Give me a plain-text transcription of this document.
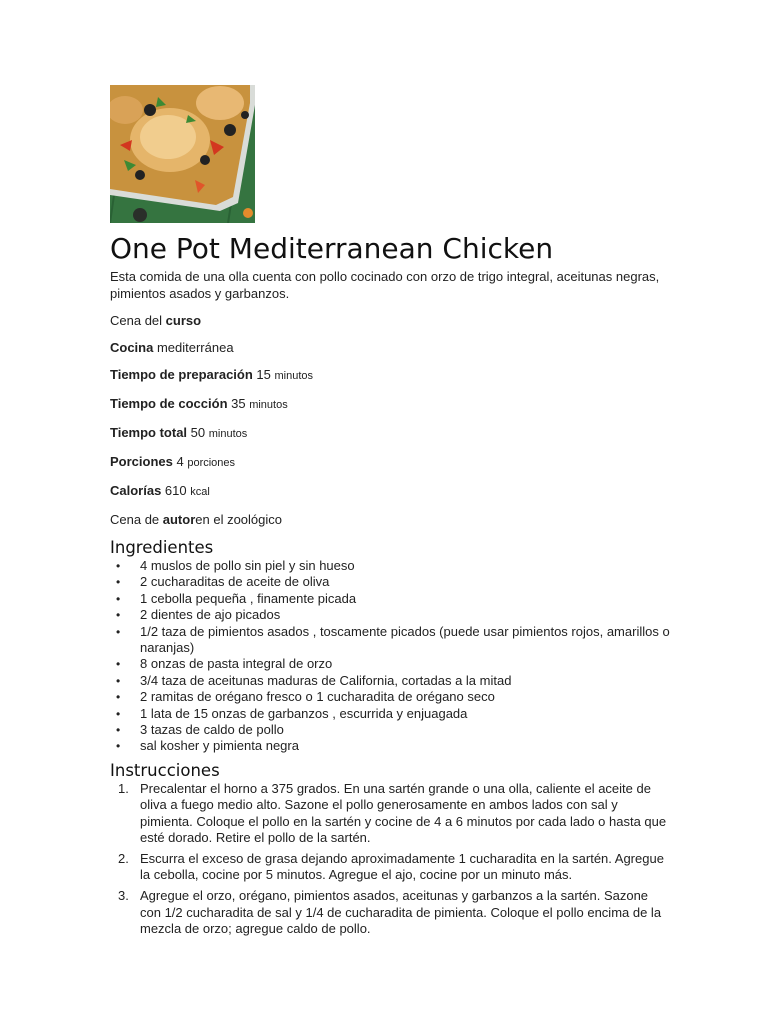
One Pot Mediterranean Chicken

Esta comida de una olla cuenta con pollo cocinado con orzo de trigo integral, aceitunas negras, pimientos asados y garbanzos.

Cena del curso

Cocina mediterránea

Tiempo de preparación 15 minutos

Tiempo de cocción 35 minutos

Tiempo total 50 minutos

Porciones 4 porciones

Calorías 610 kcal

Cena de autoren el zoológico

Ingredientes
• 4 muslos de pollo sin piel y sin hueso
• 2 cucharaditas de aceite de oliva
• 1 cebolla pequeña , finamente picada
• 2 dientes de ajo picados
• 1/2 taza de pimientos asados , toscamente picados (puede usar pimientos rojos, amarillos o naranjas)
• 8 onzas de pasta integral de orzo
• 3/4 taza de aceitunas maduras de California, cortadas a la mitad
• 2 ramitas de orégano fresco o 1 cucharadita de orégano seco
• 1 lata de 15 onzas de garbanzos , escurrida y enjuagada
• 3 tazas de caldo de pollo
• sal kosher y pimienta negra
Instrucciones
1. Precalentar el horno a 375 grados. En una sartén grande o una olla, caliente el aceite de oliva a fuego medio alto. Sazone el pollo generosamente en ambos lados con sal y pimienta. Coloque el pollo en la sartén y cocine de 4 a 6 minutos por cada lado o hasta que esté dorado. Retire el pollo de la sartén.
2. Escurra el exceso de grasa dejando aproximadamente 1 cucharadita en la sartén. Agregue la cebolla, cocine por 5 minutos. Agregue el ajo, cocine por un minuto más.
3. Agregue el orzo, orégano, pimientos asados, aceitunas y garbanzos a la sartén. Sazone con 1/2 cucharadita de sal y 1/4 de cucharadita de pimienta. Coloque el pollo encima de la mezcla de orzo; agregue caldo de pollo.
